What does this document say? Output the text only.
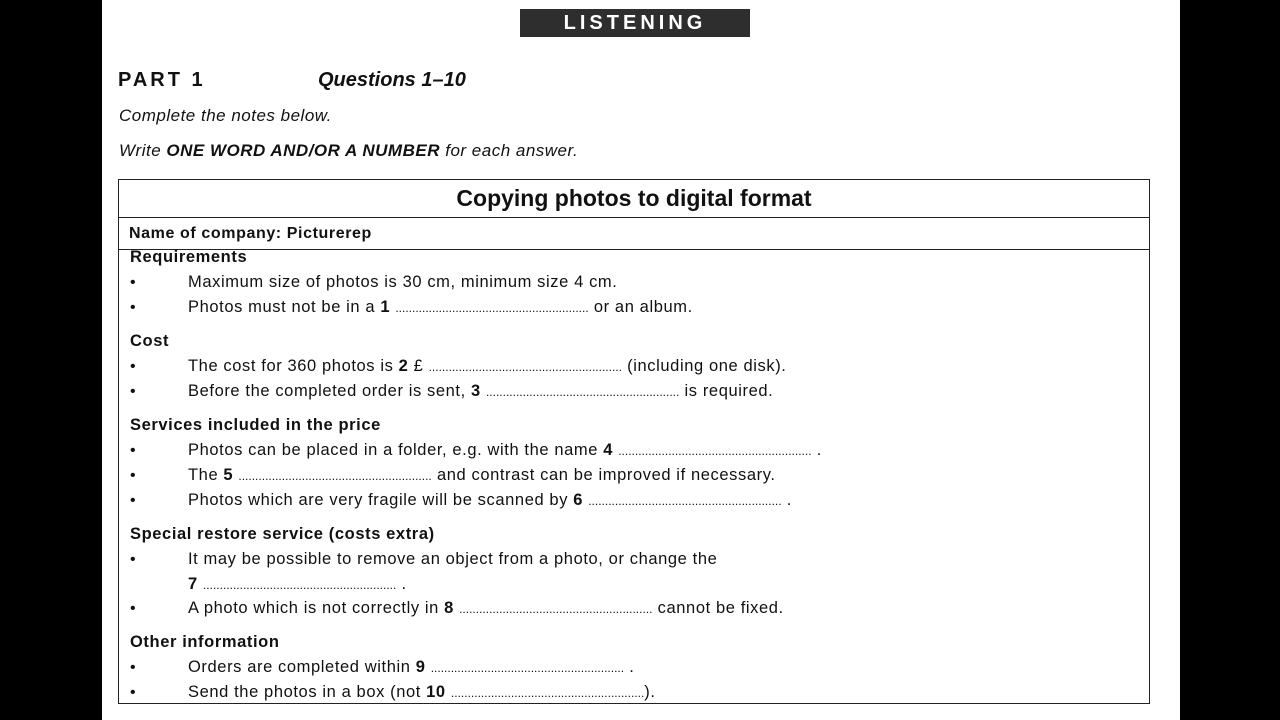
LISTENING
PART 1	Questions 1–10
Complete the notes below.
Write ONE WORD AND/OR A NUMBER for each answer.
Copying photos to digital format
Name of company: Picturerep
Requirements
•	Maximum size of photos is 30 cm, minimum size 4 cm.
•	Photos must not be in a 1 .......................................................... or an album.
Cost
•	The cost for 360 photos is 2 £ .......................................................... (including one disk).
•	Before the completed order is sent, 3 .......................................................... is required.
Services included in the price
•	Photos can be placed in a folder, e.g. with the name 4 .......................................................... .
•	The 5 .......................................................... and contrast can be improved if necessary.
•	Photos which are very fragile will be scanned by 6 .......................................................... .
Special restore service (costs extra)
•	It may be possible to remove an object from a photo, or change the
7 .......................................................... .
•	A photo which is not correctly in 8 .......................................................... cannot be fixed.
Other information
•	Orders are completed within 9 .......................................................... .
•	Send the photos in a box (not 10 ..........................................................).
